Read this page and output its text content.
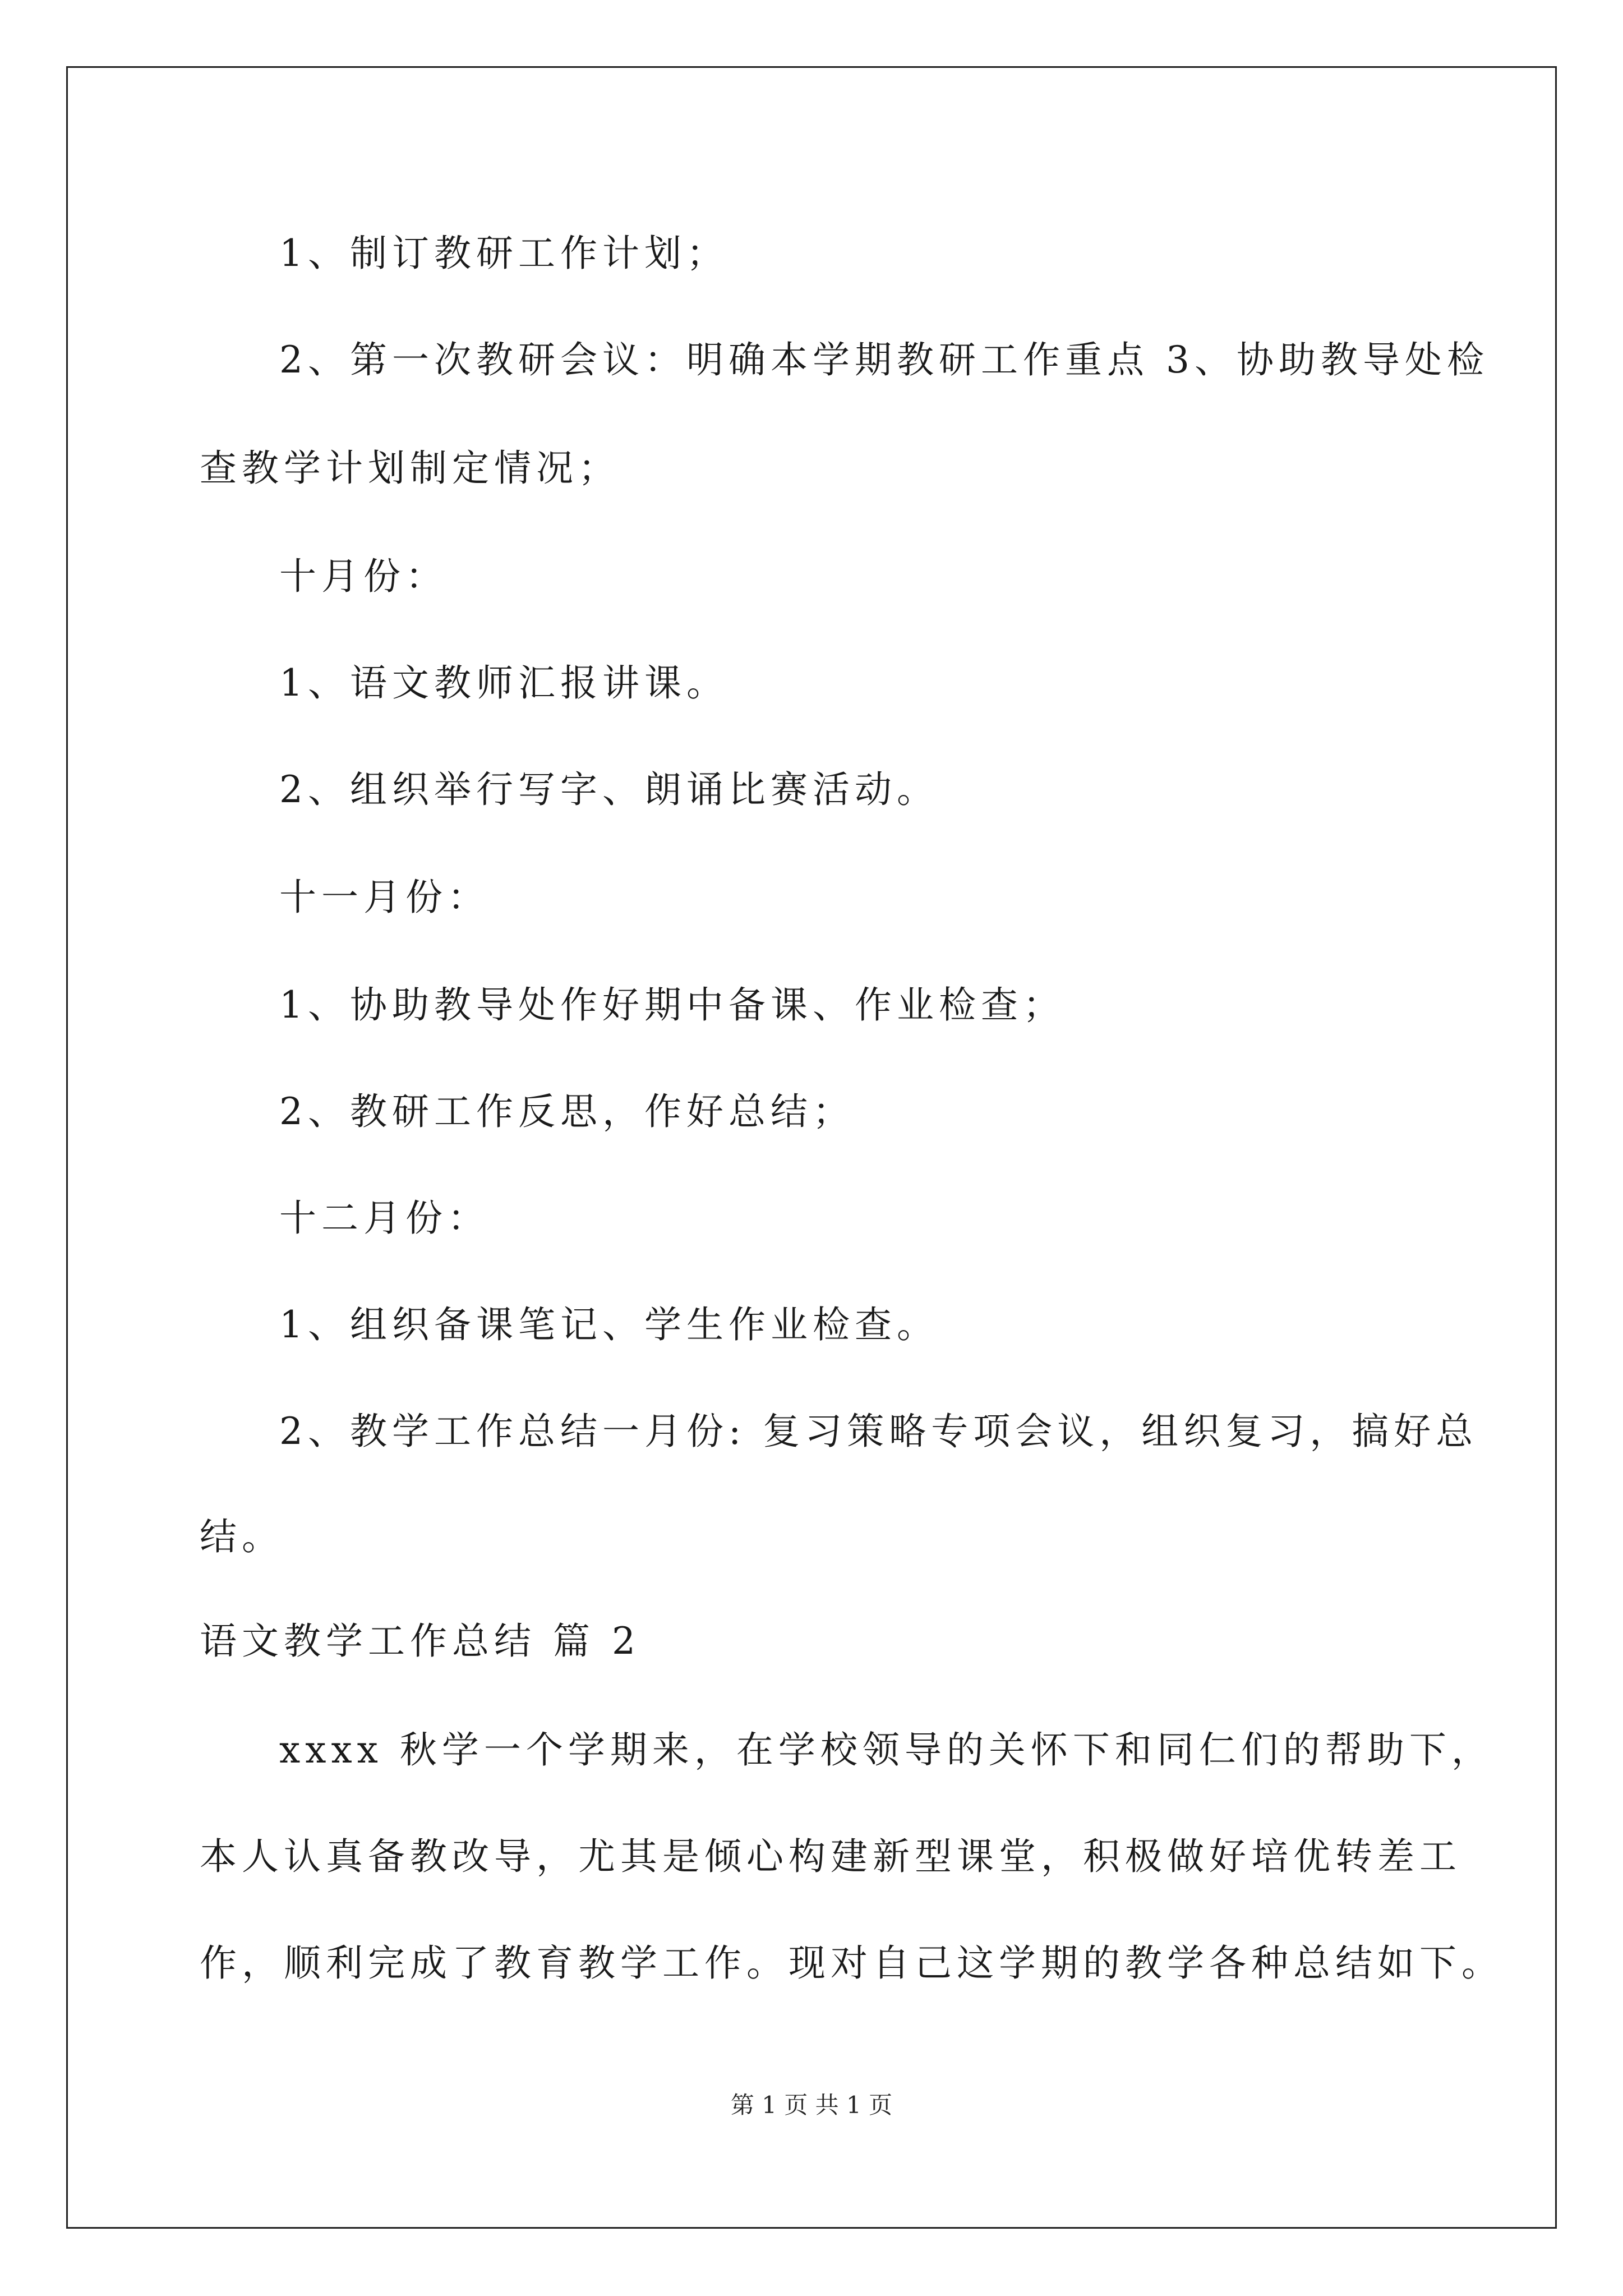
1、制订教研工作计划；
2、第一次教研会议：明确本学期教研工作重点 3、协助教导处检
查教学计划制定情况；
十月份：
1、语文教师汇报讲课。
2、组织举行写字、朗诵比赛活动。
十一月份：
1、协助教导处作好期中备课、作业检查；
2、教研工作反思，作好总结；
十二月份：
1、组织备课笔记、学生作业检查。
2、教学工作总结一月份: 复习策略专项会议，组织复习，搞好总
结。
语文教学工作总结 篇 2
xxxx 秋学一个学期来，在学校领导的关怀下和同仁们的帮助下，
本人认真备教改导，尤其是倾心构建新型课堂，积极做好培优转差工
作，顺利完成了教育教学工作。现对自己这学期的教学各种总结如下。
第 1 页 共 1 页
